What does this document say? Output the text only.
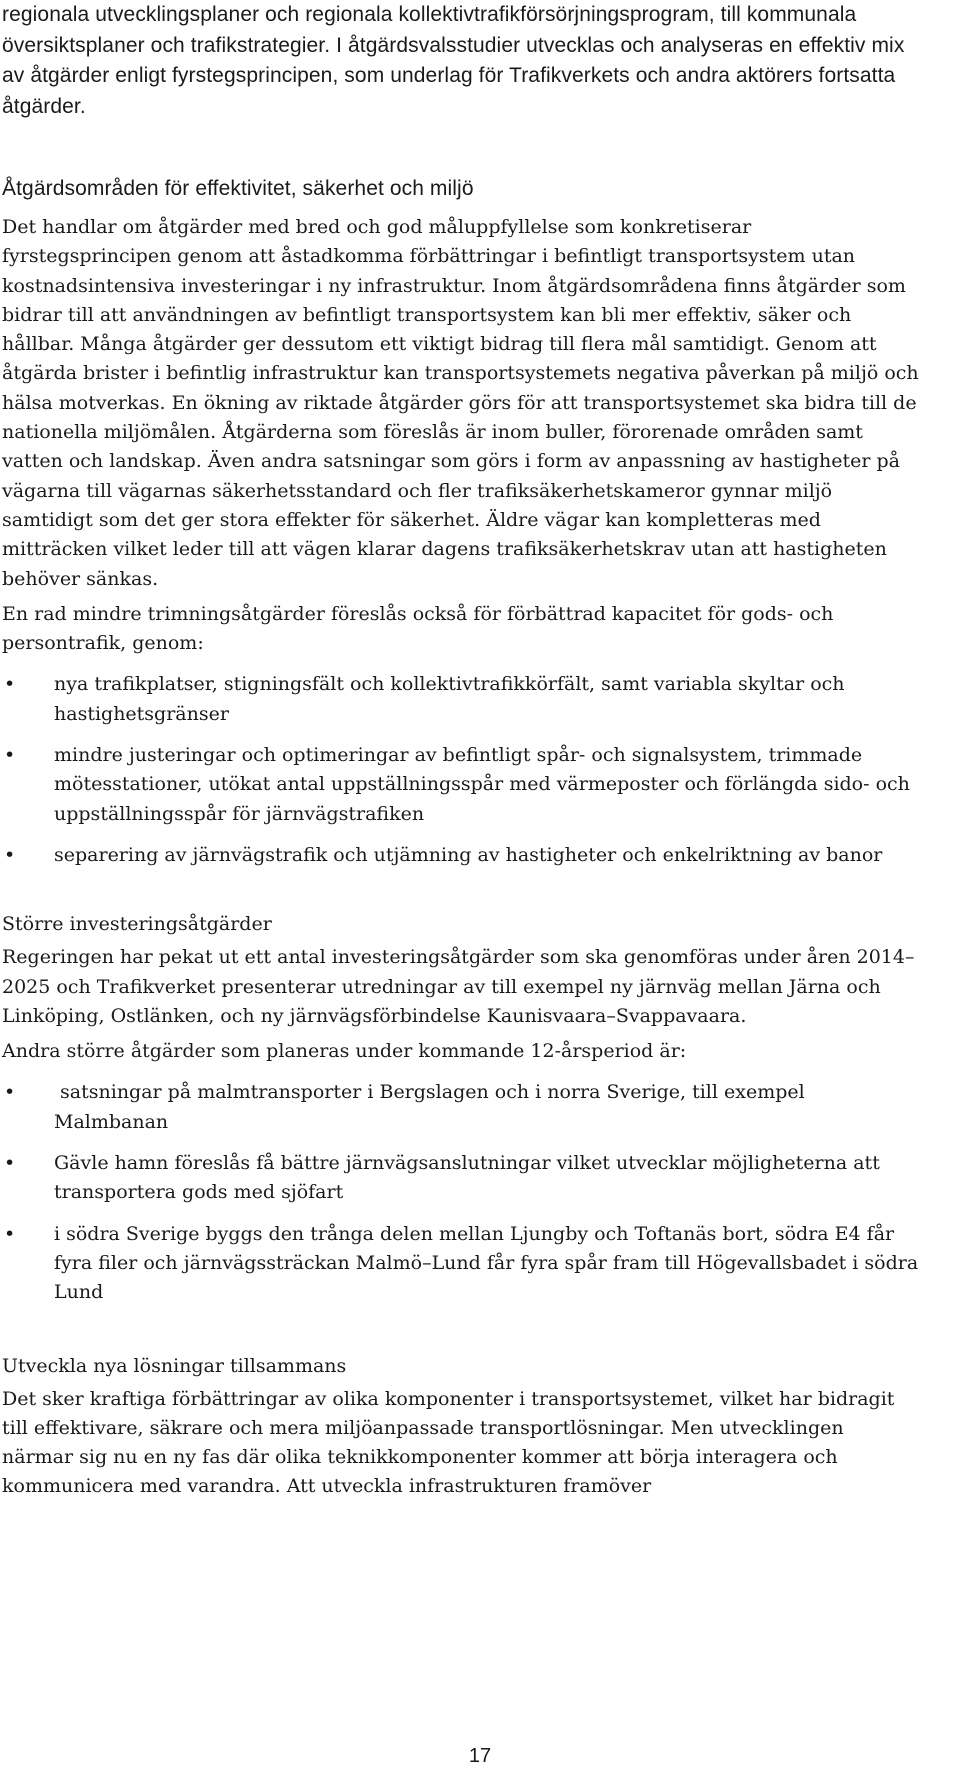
regionala utvecklingsplaner och regionala kollektivtrafikförsörjningsprogram, till kommunala översiktsplaner och trafikstrategier. I åtgärdsvalsstudier utvecklas och analyseras en effektiv mix av åtgärder enligt fyrstegsprincipen, som underlag för Trafikverkets och andra aktörers fortsatta åtgärder.

Åtgärdsområden för effektivitet, säkerhet och miljö

Det handlar om åtgärder med bred och god måluppfyllelse som konkretiserar fyrstegsprincipen genom att åstadkomma förbättringar i befintligt transportsystem utan kostnadsintensiva investeringar i ny infrastruktur. Inom åtgärdsområdena finns åtgärder som bidrar till att användningen av befintligt transportsystem kan bli mer effektiv, säker och hållbar. Många åtgärder ger dessutom ett viktigt bidrag till flera mål samtidigt. Genom att åtgärda brister i befintlig infrastruktur kan transportsystemets negativa påverkan på miljö och hälsa motverkas. En ökning av riktade åtgärder görs för att transportsystemet ska bidra till de nationella miljömålen. Åtgärderna som föreslås är inom buller, förorenade områden samt vatten och landskap. Även andra satsningar som görs i form av anpassning av hastigheter på vägarna till vägarnas säkerhetsstandard och fler trafiksäkerhetskameror gynnar miljö samtidigt som det ger stora effekter för säkerhet. Äldre vägar kan kompletteras med mitträcken vilket leder till att vägen klarar dagens trafiksäkerhetskrav utan att hastigheten behöver sänkas.

En rad mindre trimningsåtgärder föreslås också för förbättrad kapacitet för gods- och persontrafik, genom:

• nya trafikplatser, stigningsfält och kollektivtrafikkörfält, samt variabla skyltar och hastighetsgränser
• mindre justeringar och optimeringar av befintligt spår- och signalsystem, trimmade mötesstationer, utökat antal uppställningsspår med värmeposter och förlängda sido- och uppställningsspår för järnvägstrafiken
• separering av järnvägstrafik och utjämning av hastigheter och enkelriktning av banor
Större investeringsåtgärder

Regeringen har pekat ut ett antal investeringsåtgärder som ska genomföras under åren 2014–2025 och Trafikverket presenterar utredningar av till exempel ny järnväg mellan Järna och Linköping, Ostlänken, och ny järnvägsförbindelse Kaunisvaara–Svappavaara.

Andra större åtgärder som planeras under kommande 12-årsperiod är:

• satsningar på malmtransporter i Bergslagen och i norra Sverige, till exempel Malmbanan
• Gävle hamn föreslås få bättre järnvägsanslutningar vilket utvecklar möjligheterna att transportera gods med sjöfart
• i södra Sverige byggs den trånga delen mellan Ljungby och Toftanäs bort, södra E4 får fyra filer och järnvägssträckan Malmö–Lund får fyra spår fram till Högevallsbadet i södra Lund
Utveckla nya lösningar tillsammans

Det sker kraftiga förbättringar av olika komponenter i transportsystemet, vilket har bidragit till effektivare, säkrare och mera miljöanpassade transportlösningar. Men utvecklingen närmar sig nu en ny fas där olika teknikkomponenter kommer att börja interagera och kommunicera med varandra. Att utveckla infrastrukturen framöver

17
